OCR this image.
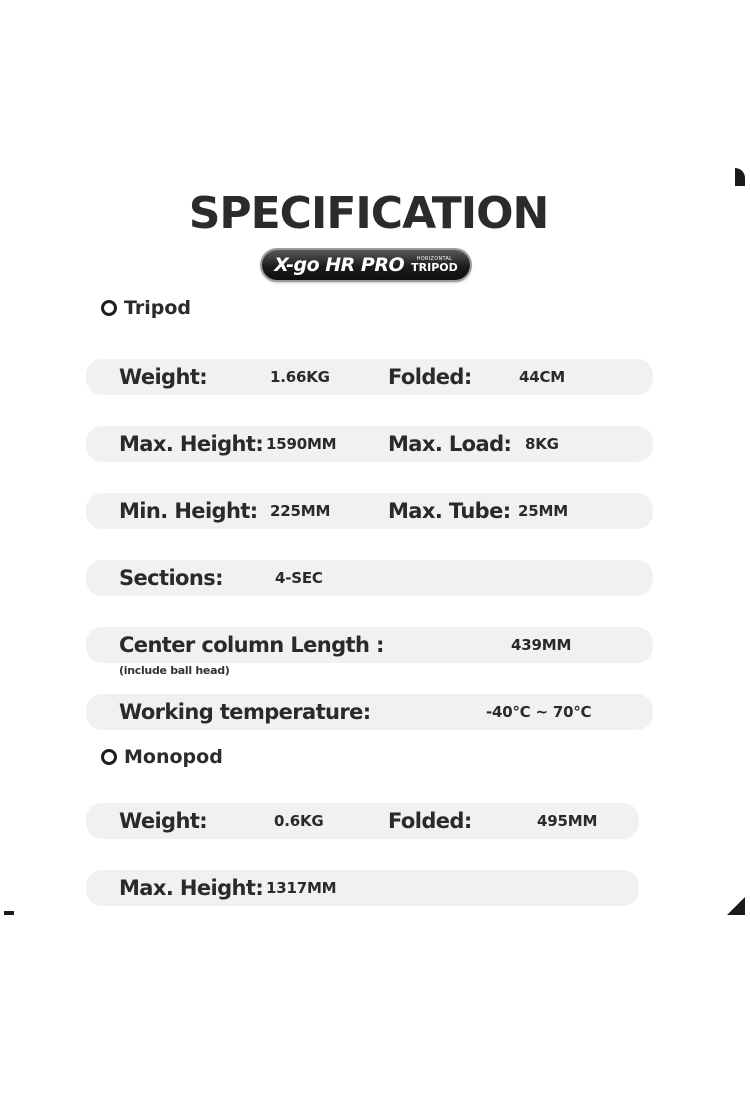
SPECIFICATION
X-go HR PRO	HORIZONTAL
TRIPOD
Tripod
Weight:	1.66KG	Folded:	44CM
Max. Height: 1590MM Max. Load: 8KG
Min. Height: 225MM	Max. Tube: 25MM
Sections:	4-SEC
Center column Length :	439MM
(include ball head)
Working temperature:	-40℃ ~ 70℃
Monopod
Weight:	0.6KG	Folded:	495MM
Max. Height: 1317MM
